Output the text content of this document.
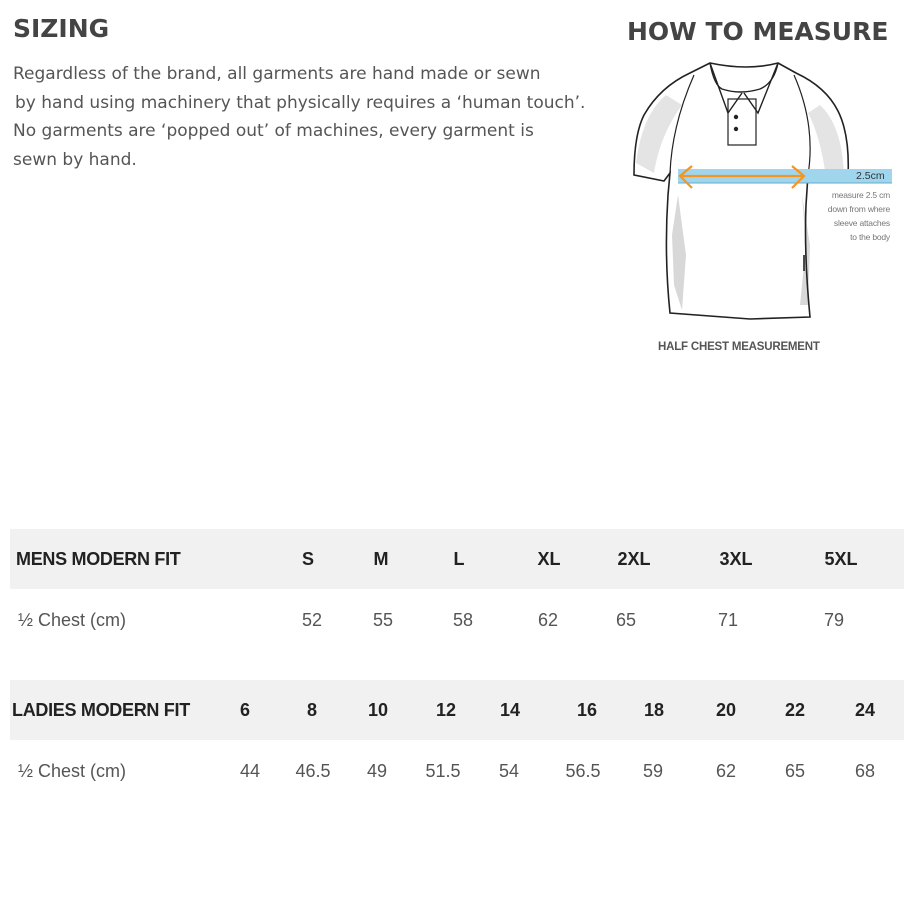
SIZING	HOW TO MEASURE

Regardless of the brand, all garments are hand made or sewn
by hand using machinery that physically requires a ‘human touch’.
No garments are ‘popped out’ of machines, every garment is
sewn by hand.

2.5cm
measure 2.5 cm
down from where
sleeve attaches
to the body
HALF CHEST MEASUREMENT
MENS MODERN FIT	S	M	L	XL	2XL	3XL	5XL
½ Chest (cm)	52	55	58	62	65	71	79
LADIES MODERN FIT	6	8	10	12 14	16	18	20	22	24
½ Chest (cm)	44 46.5 49 51.5 54	56.5 59	62	65	68
